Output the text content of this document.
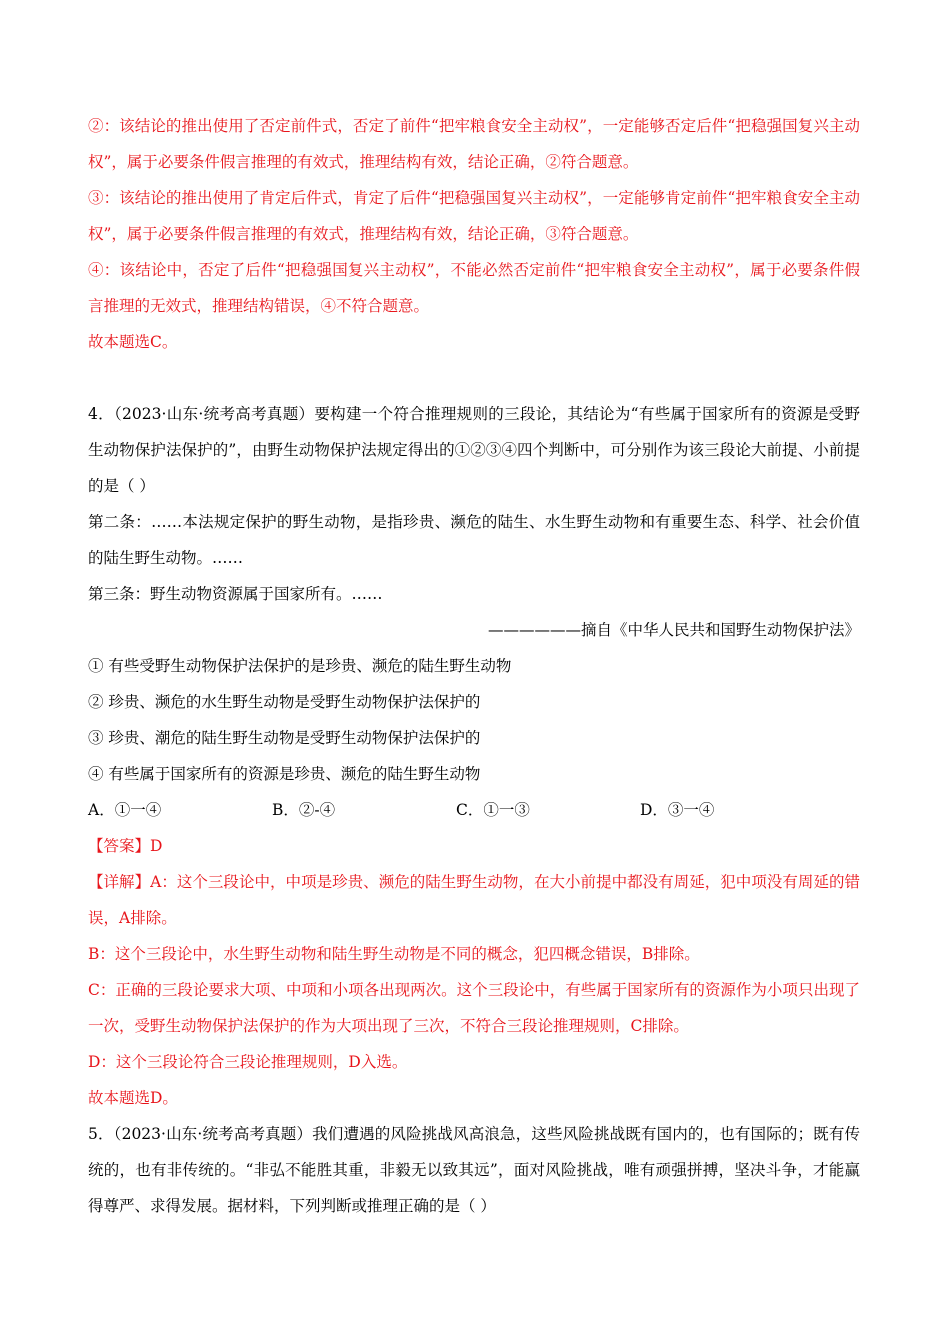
②：该结论的推出使用了否定前件式，否定了前件“把牢粮食安全主动权”，一定能够否定后件“把稳强国复兴主动权”，属于必要条件假言推理的有效式，推理结构有效，结论正确，②符合题意。

③：该结论的推出使用了肯定后件式，肯定了后件“把稳强国复兴主动权”，一定能够肯定前件“把牢粮食安全主动权”，属于必要条件假言推理的有效式，推理结构有效，结论正确，③符合题意。

④：该结论中，否定了后件“把稳强国复兴主动权”，不能必然否定前件“把牢粮食安全主动权”，属于必要条件假言推理的无效式，推理结构错误，④不符合题意。

故本题选C。

4．（2023·山东·统考高考真题）要构建一个符合推理规则的三段论，其结论为“有些属于国家所有的资源是受野生动物保护法保护的”，由野生动物保护法规定得出的①②③④四个判断中，可分别作为该三段论大前提、小前提的是（ ）

第二条：……本法规定保护的野生动物，是指珍贵、濒危的陆生、水生野生动物和有重要生态、科学、社会价值的陆生野生动物。……

第三条：野生动物资源属于国家所有。……

——————摘自《中华人民共和国野生动物保护法》

① 有些受野生动物保护法保护的是珍贵、濒危的陆生野生动物

② 珍贵、濒危的水生野生动物是受野生动物保护法保护的

③ 珍贵、潮危的陆生野生动物是受野生动物保护法保护的

④ 有些属于国家所有的资源是珍贵、濒危的陆生野生动物

A．①一④	B．②-④	C．①一③	D．③一④

【答案】D

【详解】A：这个三段论中，中项是珍贵、濒危的陆生野生动物，在大小前提中都没有周延，犯中项没有周延的错误，A排除。

B：这个三段论中，水生野生动物和陆生野生动物是不同的概念，犯四概念错误，B排除。

C：正确的三段论要求大项、中项和小项各出现两次。这个三段论中，有些属于国家所有的资源作为小项只出现了一次，受野生动物保护法保护的作为大项出现了三次，不符合三段论推理规则，C排除。

D：这个三段论符合三段论推理规则，D入选。

故本题选D。

5．（2023·山东·统考高考真题）我们遭遇的风险挑战风高浪急，这些风险挑战既有国内的，也有国际的；既有传统的，也有非传统的。“非弘不能胜其重，非毅无以致其远”，面对风险挑战，唯有顽强拼搏，坚决斗争，才能赢得尊严、求得发展。据材料，下列判断或推理正确的是（ ）
